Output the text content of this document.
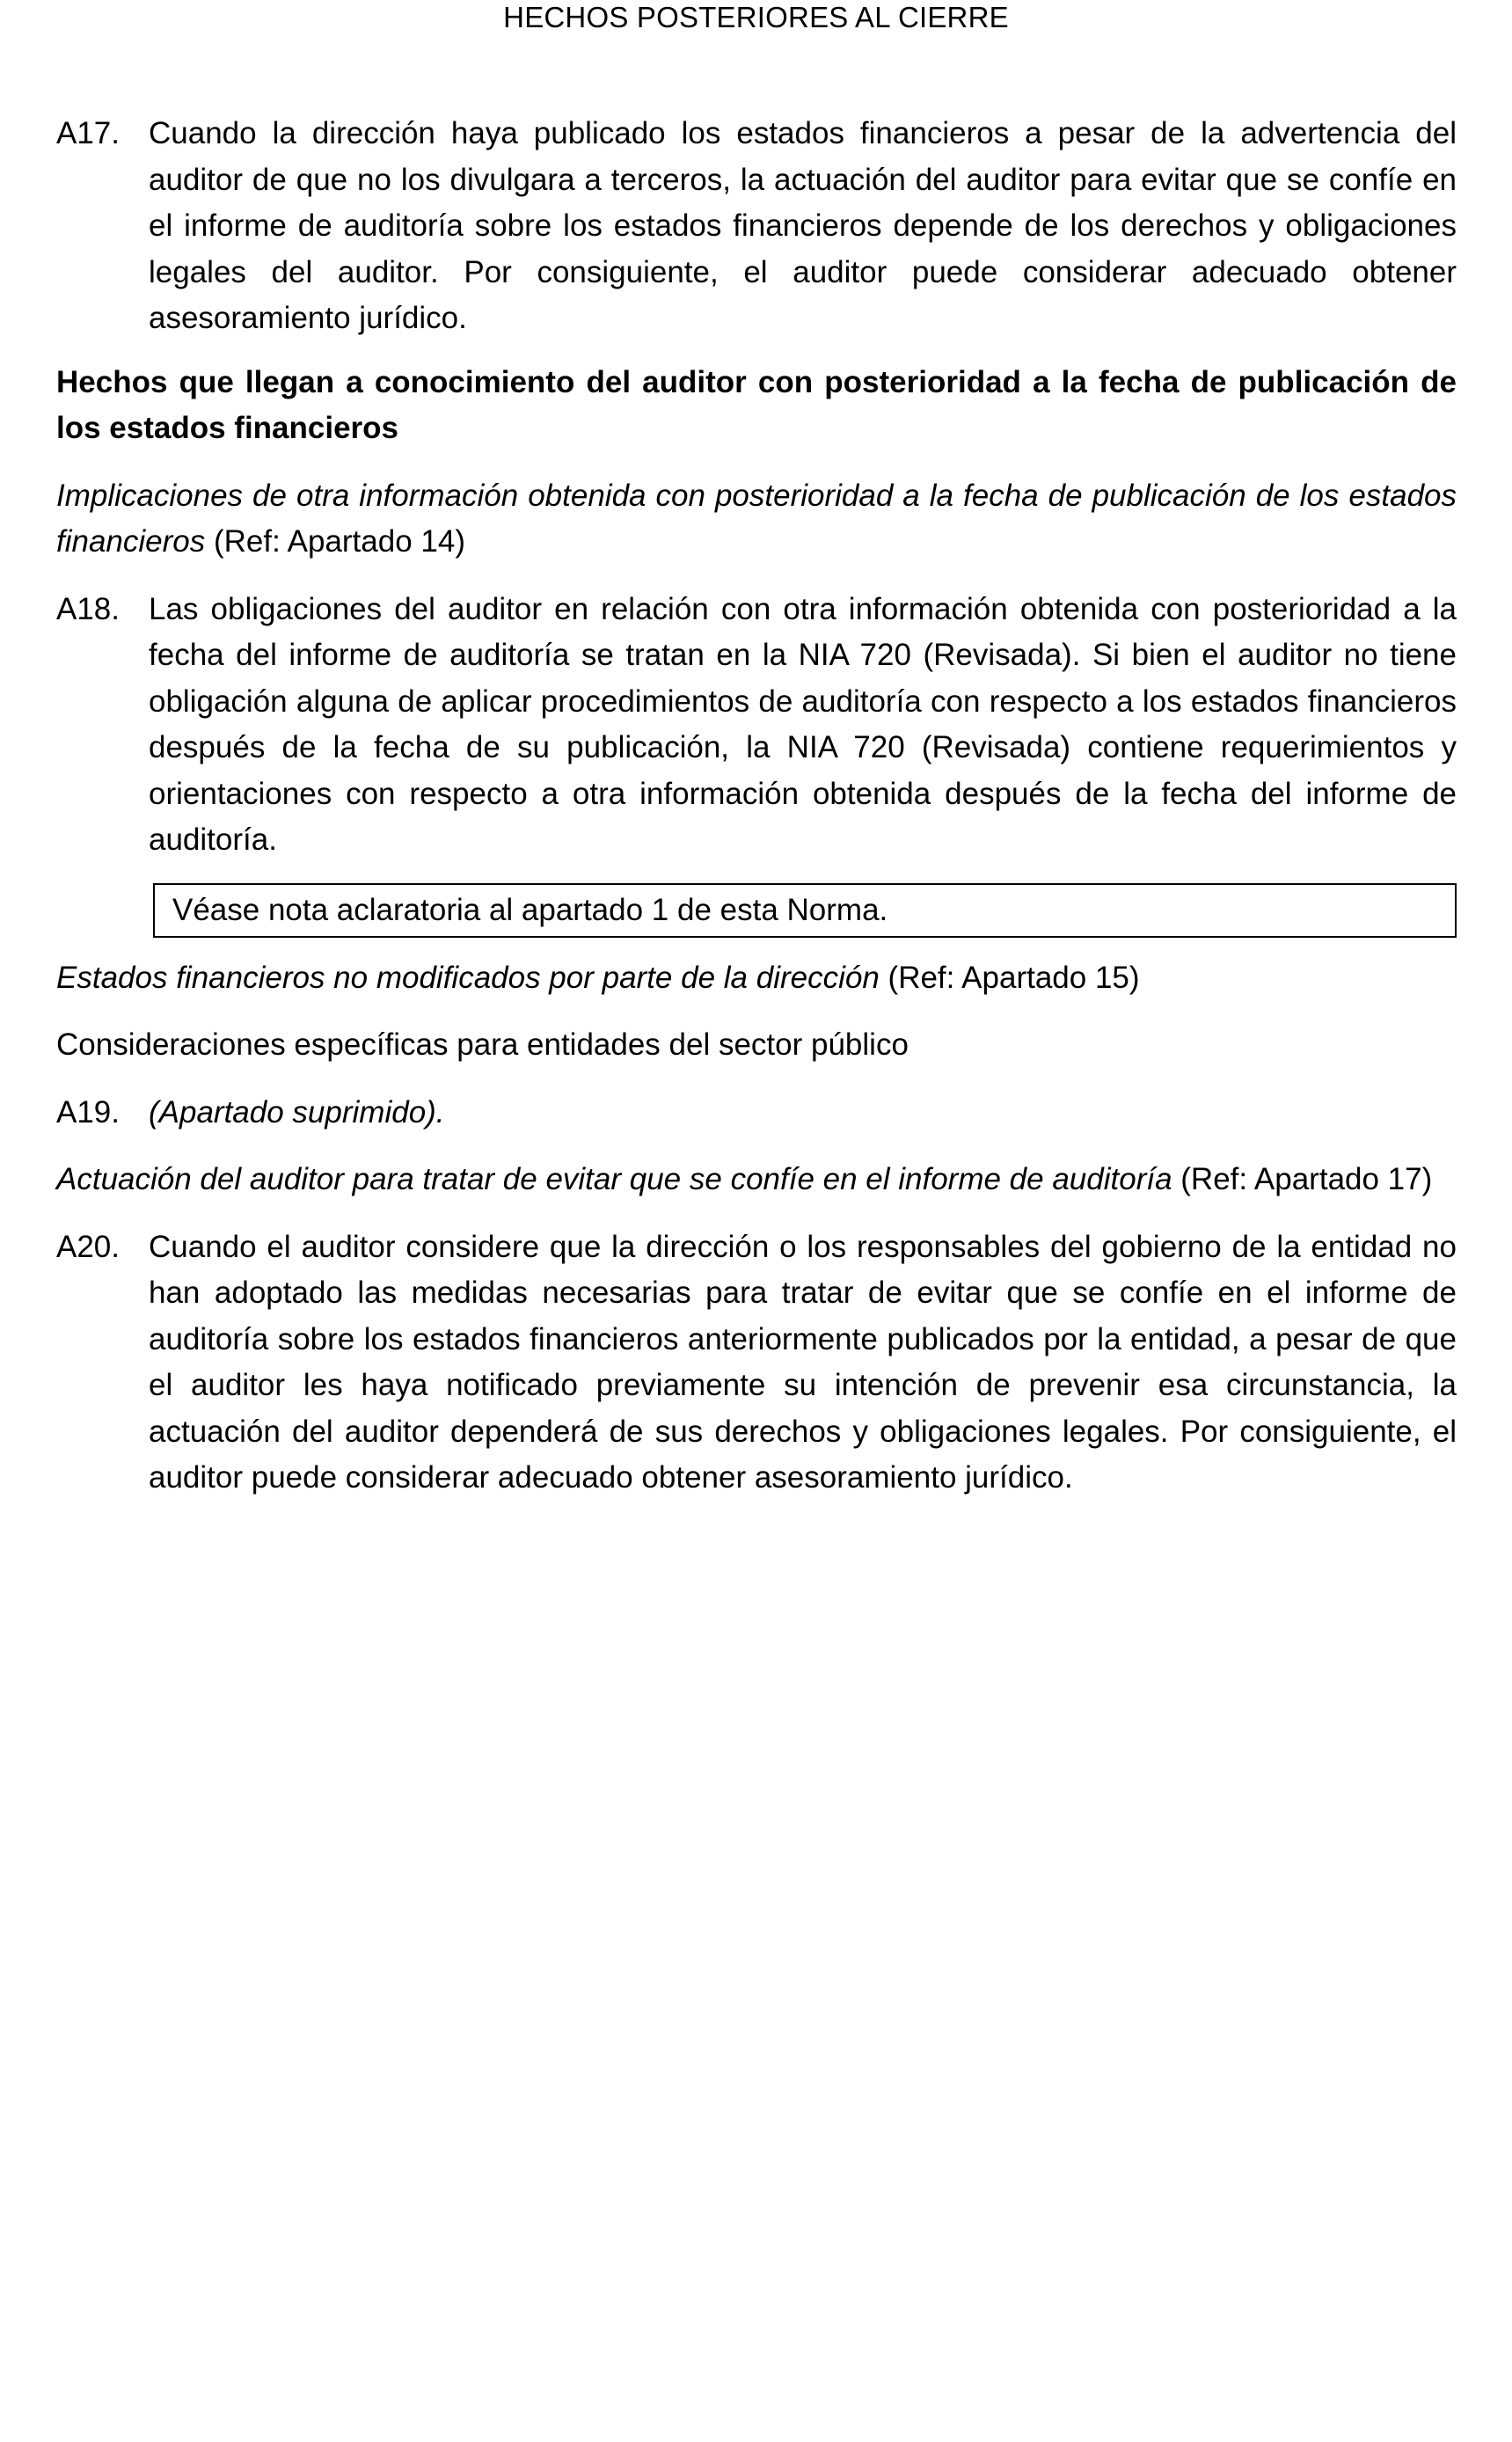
HECHOS POSTERIORES AL CIERRE
A17. Cuando la dirección haya publicado los estados financieros a pesar de la advertencia del auditor de que no los divulgara a terceros, la actuación del auditor para evitar que se confíe en el informe de auditoría sobre los estados financieros depende de los derechos y obligaciones legales del auditor. Por consiguiente, el auditor puede considerar adecuado obtener asesoramiento jurídico.
Hechos que llegan a conocimiento del auditor con posterioridad a la fecha de publicación de los estados financieros
Implicaciones de otra información obtenida con posterioridad a la fecha de publicación de los estados financieros (Ref: Apartado 14)
A18. Las obligaciones del auditor en relación con otra información obtenida con posterioridad a la fecha del informe de auditoría se tratan en la NIA 720 (Revisada). Si bien el auditor no tiene obligación alguna de aplicar procedimientos de auditoría con respecto a los estados financieros después de la fecha de su publicación, la NIA 720 (Revisada) contiene requerimientos y orientaciones con respecto a otra información obtenida después de la fecha del informe de auditoría.
Véase nota aclaratoria al apartado 1 de esta Norma.
Estados financieros no modificados por parte de la dirección (Ref: Apartado 15)
Consideraciones específicas para entidades del sector público
A19. (Apartado suprimido).
Actuación del auditor para tratar de evitar que se confíe en el informe de auditoría (Ref: Apartado 17)
A20. Cuando el auditor considere que la dirección o los responsables del gobierno de la entidad no han adoptado las medidas necesarias para tratar de evitar que se confíe en el informe de auditoría sobre los estados financieros anteriormente publicados por la entidad, a pesar de que el auditor les haya notificado previamente su intención de prevenir esa circunstancia, la actuación del auditor dependerá de sus derechos y obligaciones legales. Por consiguiente, el auditor puede considerar adecuado obtener asesoramiento jurídico.
